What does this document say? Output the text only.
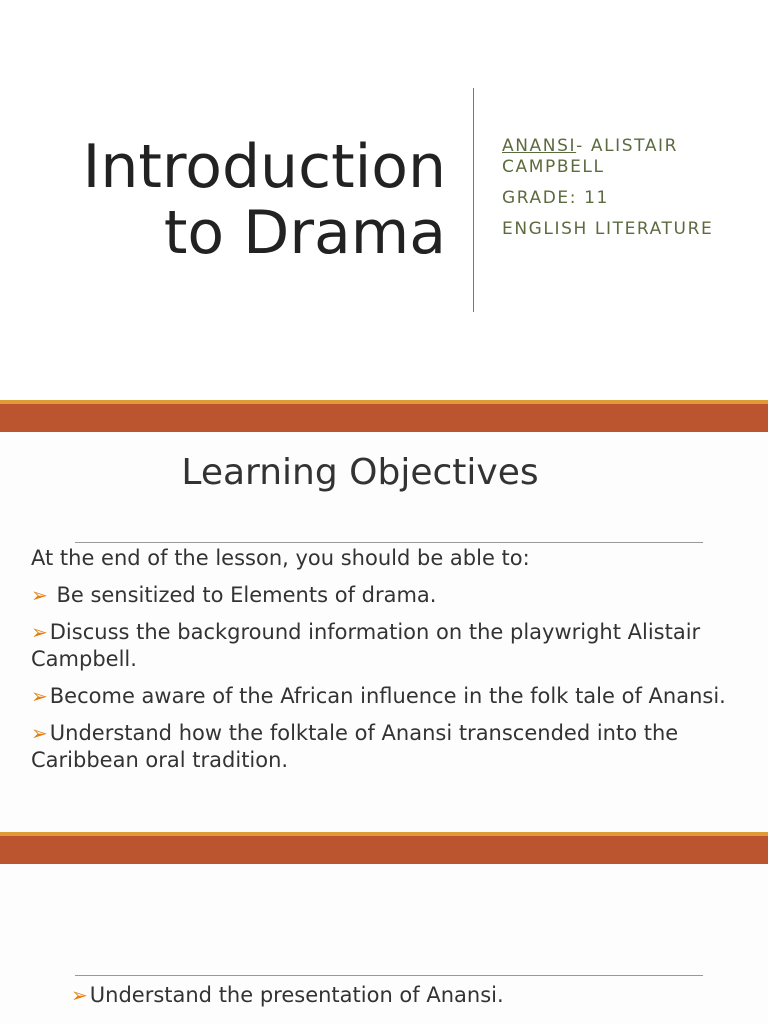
Introduction to Drama

ANANSI- ALISTAIR CAMPBELL

GRADE: 11

ENGLISH LITERATURE

Learning Objectives
At the end of the lesson, you should be able to:
➢ Be sensitized to Elements of drama.
➢Discuss the background information on the playwright Alistair Campbell.
➢Become aware of the African influence in the folk tale of Anansi.
➢Understand how the folktale of Anansi transcended into the Caribbean oral tradition.
➢Understand the presentation of Anansi.
